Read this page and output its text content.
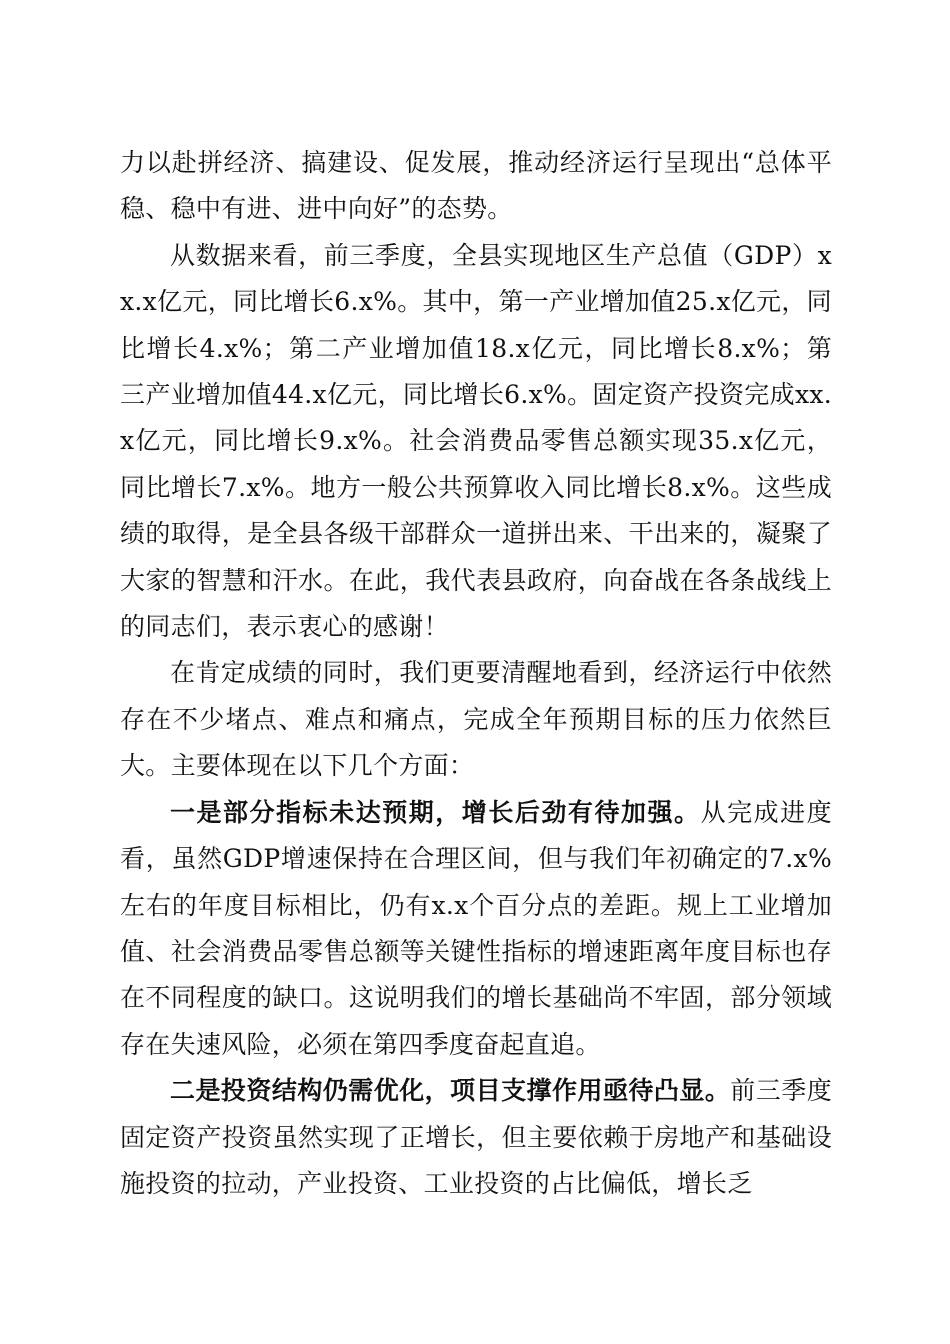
力以赴拼经济、搞建设、促发展，推动经济运行呈现出“总体平稳、稳中有进、进中向好”的态势。

从数据来看，前三季度，全县实现地区生产总值（GDP）xx.x亿元，同比增长6.x%。其中，第一产业增加值25.x亿元，同比增长4.x%；第二产业增加值18.x亿元，同比增长8.x%；第三产业增加值44.x亿元，同比增长6.x%。固定资产投资完成xx.x亿元，同比增长9.x%。社会消费品零售总额实现35.x亿元，同比增长7.x%。地方一般公共预算收入同比增长8.x%。这些成绩的取得，是全县各级干部群众一道拼出来、干出来的，凝聚了大家的智慧和汗水。在此，我代表县政府，向奋战在各条战线上的同志们，表示衷心的感谢！

在肯定成绩的同时，我们更要清醒地看到，经济运行中依然存在不少堵点、难点和痛点，完成全年预期目标的压力依然巨大。主要体现在以下几个方面：

一是部分指标未达预期，增长后劲有待加强。从完成进度看，虽然GDP增速保持在合理区间，但与我们年初确定的7.x%左右的年度目标相比，仍有x.x个百分点的差距。规上工业增加值、社会消费品零售总额等关键性指标的增速距离年度目标也存在不同程度的缺口。这说明我们的增长基础尚不牢固，部分领域存在失速风险，必须在第四季度奋起直追。

二是投资结构仍需优化，项目支撑作用亟待凸显。前三季度固定资产投资虽然实现了正增长，但主要依赖于房地产和基础设施投资的拉动，产业投资、工业投资的占比偏低，增长乏
